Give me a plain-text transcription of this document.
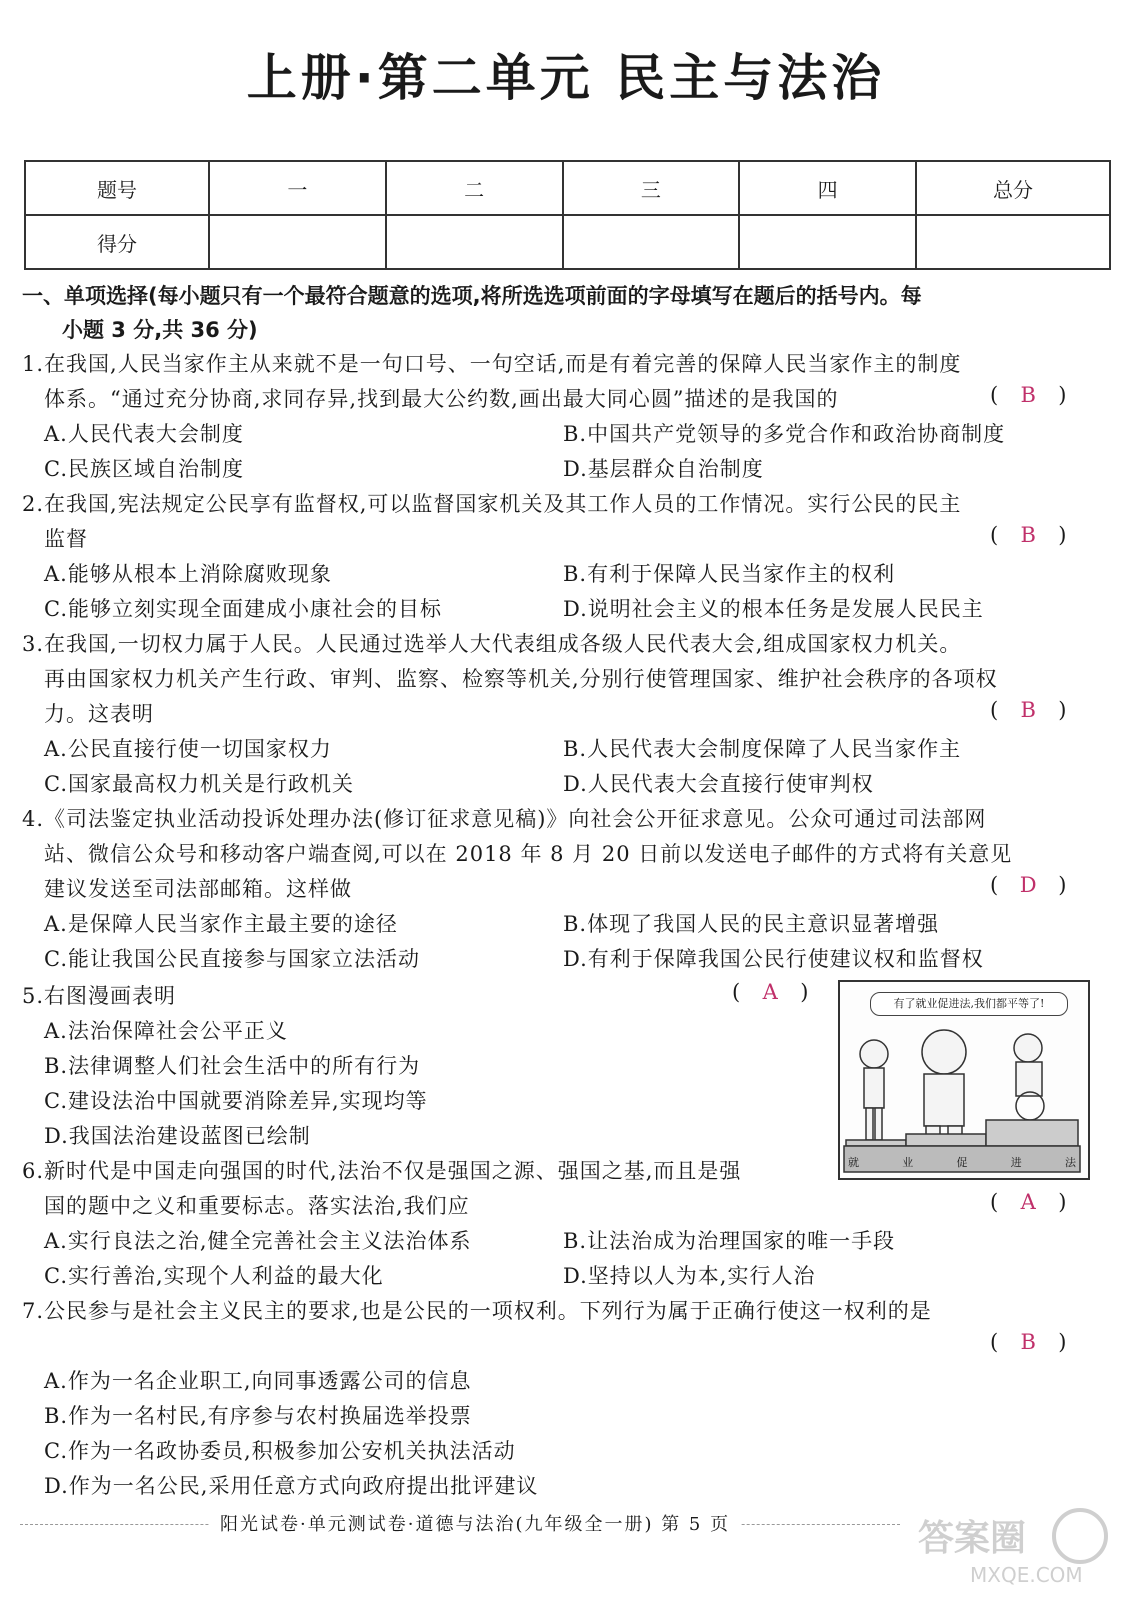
上册·第二单元 民主与法治
题号	一	二	三	四	总分
得分					
一、单项选择(每小题只有一个最符合题意的选项,将所选选项前面的字母填写在题后的括号内。每
小题 3 分,共 36 分)
1.在我国,人民当家作主从来就不是一句口号、一句空话,而是有着完善的保障人民当家作主的制度
体系。“通过充分协商,求同存异,找到最大公约数,画出最大同心圆”描述的是我国的	( B )
A.人民代表大会制度	B.中国共产党领导的多党合作和政治协商制度
C.民族区域自治制度	D.基层群众自治制度
2.在我国,宪法规定公民享有监督权,可以监督国家机关及其工作人员的工作情况。实行公民的民主
监督	( B )
A.能够从根本上消除腐败现象	B.有利于保障人民当家作主的权利
C.能够立刻实现全面建成小康社会的目标	D.说明社会主义的根本任务是发展人民民主
3.在我国,一切权力属于人民。人民通过选举人大代表组成各级人民代表大会,组成国家权力机关。
再由国家权力机关产生行政、审判、监察、检察等机关,分别行使管理国家、维护社会秩序的各项权
力。这表明	( B )
A.公民直接行使一切国家权力	B.人民代表大会制度保障了人民当家作主
C.国家最高权力机关是行政机关	D.人民代表大会直接行使审判权
4.《司法鉴定执业活动投诉处理办法(修订征求意见稿)》向社会公开征求意见。公众可通过司法部网
站、微信公众号和移动客户端查阅,可以在 2018 年 8 月 20 日前以发送电子邮件的方式将有关意见
建议发送至司法部邮箱。这样做	( D )
A.是保障人民当家作主最主要的途径	B.体现了我国人民的民主意识显著增强
C.能让我国公民直接参与国家立法活动	D.有利于保障我国公民行使建议权和监督权
5.右图漫画表明	( A )
A.法治保障社会公平正义
B.法律调整人们社会生活中的所有行为
C.建设法治中国就要消除差异,实现均等
D.我国法治建设蓝图已绘制
有了就业促进法,我们都平等了!
就	业	促	进	法
6.新时代是中国走向强国的时代,法治不仅是强国之源、强国之基,而且是强
国的题中之义和重要标志。落实法治,我们应	( A )
A.实行良法之治,健全完善社会主义法治体系	B.让法治成为治理国家的唯一手段
C.实行善治,实现个人利益的最大化	D.坚持以人为本,实行人治
7.公民参与是社会主义民主的要求,也是公民的一项权利。下列行为属于正确行使这一权利的是
( B )
A.作为一名企业职工,向同事透露公司的信息
B.作为一名村民,有序参与农村换届选举投票
C.作为一名政协委员,积极参加公安机关执法活动
D.作为一名公民,采用任意方式向政府提出批评建议
阳光试卷·单元测试卷·道德与法治(九年级全一册) 第 5 页	答案圈
MXQE.COM
